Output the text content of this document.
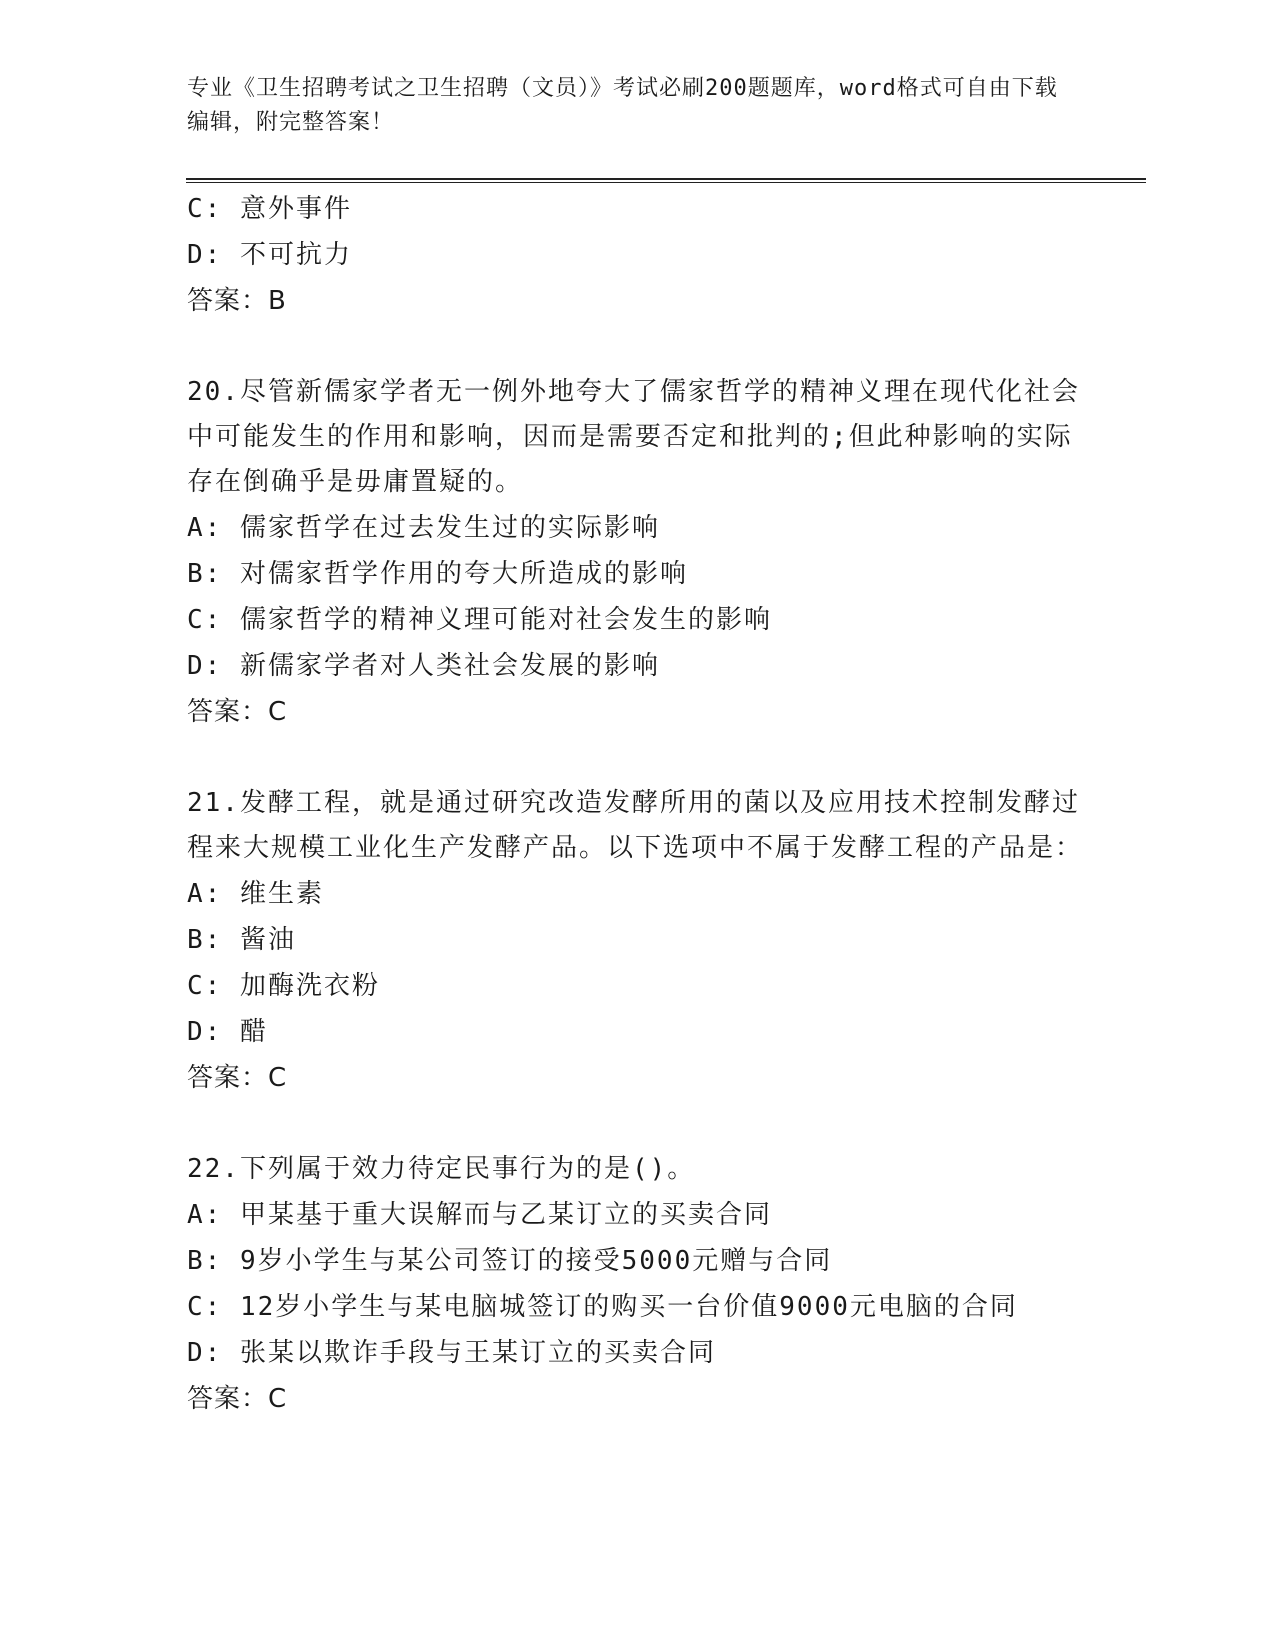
专业《卫生招聘考试之卫生招聘（文员）》考试必刷200题题库，word格式可自由下载编辑，附完整答案！
C: 意外事件
D: 不可抗力
答案：B
20.尽管新儒家学者无一例外地夸大了儒家哲学的精神义理在现代化社会中可能发生的作用和影响，因而是需要否定和批判的;但此种影响的实际存在倒确乎是毋庸置疑的。
A: 儒家哲学在过去发生过的实际影响
B: 对儒家哲学作用的夸大所造成的影响
C: 儒家哲学的精神义理可能对社会发生的影响
D: 新儒家学者对人类社会发展的影响
答案：C
21.发酵工程，就是通过研究改造发酵所用的菌以及应用技术控制发酵过程来大规模工业化生产发酵产品。以下选项中不属于发酵工程的产品是：
A: 维生素
B: 酱油
C: 加酶洗衣粉
D: 醋
答案：C
22.下列属于效力待定民事行为的是()。
A: 甲某基于重大误解而与乙某订立的买卖合同
B: 9岁小学生与某公司签订的接受5000元赠与合同
C: 12岁小学生与某电脑城签订的购买一台价值9000元电脑的合同
D: 张某以欺诈手段与王某订立的买卖合同
答案：C
